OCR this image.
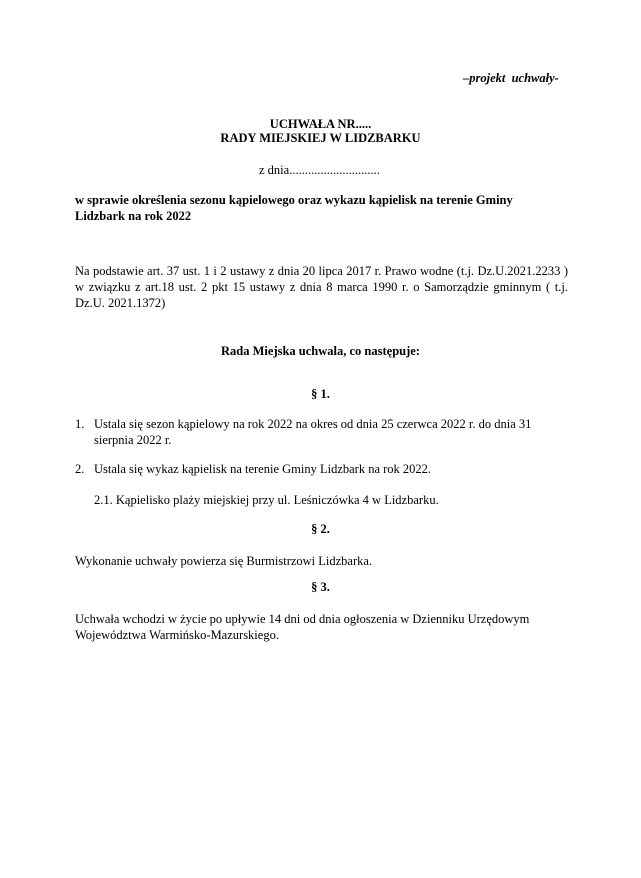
–projekt  uchwały-
UCHWAŁA NR.....
RADY MIEJSKIEJ W LIDZBARKU
z dnia.............................
w sprawie określenia sezonu kąpielowego oraz wykazu kąpielisk na terenie Gminy Lidzbark na rok 2022
Na podstawie art. 37 ust. 1 i 2 ustawy z dnia 20 lipca 2017 r. Prawo wodne (t.j. Dz.U.2021.2233 ) w związku z art.18 ust. 2 pkt 15 ustawy z dnia 8 marca 1990 r. o Samorządzie gminnym ( t.j. Dz.U. 2021.1372)
Rada Miejska uchwala, co następuje:
§ 1.
1. Ustala się sezon kąpielowy na rok 2022 na okres od dnia 25 czerwca 2022 r. do dnia 31 sierpnia 2022 r.
2. Ustala się wykaz kąpielisk na terenie Gminy Lidzbark na rok 2022.
2.1. Kąpielisko plaży miejskiej przy ul. Leśniczówka 4 w Lidzbarku.
§ 2.
Wykonanie uchwały powierza się Burmistrzowi Lidzbarka.
§ 3.
Uchwała wchodzi w życie po upływie 14 dni od dnia ogłoszenia w Dzienniku Urzędowym Województwa Warmińsko-Mazurskiego.
